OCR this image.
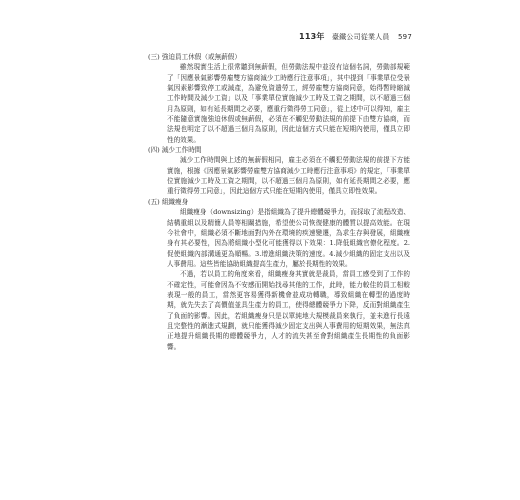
113年 臺鐵公司從業人員 597
(三) 強迫員工休假（或無薪假）

雖然現實生活上很常聽到無薪假，但勞動法規中並沒有這個名詞，勞動部規範了「因應景氣影響勞雇雙方協商減少工時應行注意事項」，其中提到「事業單位受景氣因素影響致停工或減產，為避免資遣勞工，經勞雇雙方協商同意，始得暫時縮減工作時間及減少工資」以及「事業單位實施減少工時及工資之期間，以不超過三個月為原則，如有延長期間之必要，應重行徵得勞工同意」，從上述中可以得知，雇主不能隨意實施強迫休假或無薪假，必須在不觸犯勞動法規的前提下由雙方協商，而法規也明定了以不超過三個月為原則，因此這個方式只能在短期內使用，僅具立即性的效果。

(四) 減少工作時間

減少工作時間與上述的無薪假相同，雇主必須在不觸犯勞動法規的前提下方能實施，根據《因應景氣影響勞雇雙方協商減少工時應行注意事項》的規定，「事業單位實施減少工時及工資之期間，以不超過三個月為原則，如有延長期間之必要，應重行徵得勞工同意」，因此這個方式只能在短期內使用，僅具立即性效果。

(五) 組織瘦身

組織瘦身（downsizing）是指組織為了提升總體競爭力，而採取了流程改造、結構重組以及精簡人員等相關措施，希望使公司恢復健康的體質以提高效能。在現今社會中，組織必須不斷地面對內外在環境的疾速變遷，為求生存與發展，組織瘦身有其必要性，因為將組織小型化可能獲得以下效果：1.降低組織官僚化程度。2.促使組織內部溝通更為順暢。3.增進組織決策的速度。4.減少組織的固定支出以及人事費用。這些皆能協助組織提高生產力，屬於長期性的效果。

不過，若以員工的角度來看，組織瘦身其實就是裁員，當員工感受到了工作的不確定性，可能會因為不安感而開始找尋其他的工作，此時，能力較佳的員工相較表現一般的員工，當然更容易獲得新機會並成功轉職，導致組織在轉型的過度時期，就先失去了高價值並具生產力的員工，使得總體競爭力下降，反而對組織產生了負面的影響。因此，若組織瘦身只是以單純地大規模裁員來執行，並未進行長遠且完整性的漸進式規劃，就只能獲得減少固定支出與人事費用的短期效果，無法真正地提升組織長期的總體競爭力，人才的流失甚至會對組織產生長期性的負面影響。
